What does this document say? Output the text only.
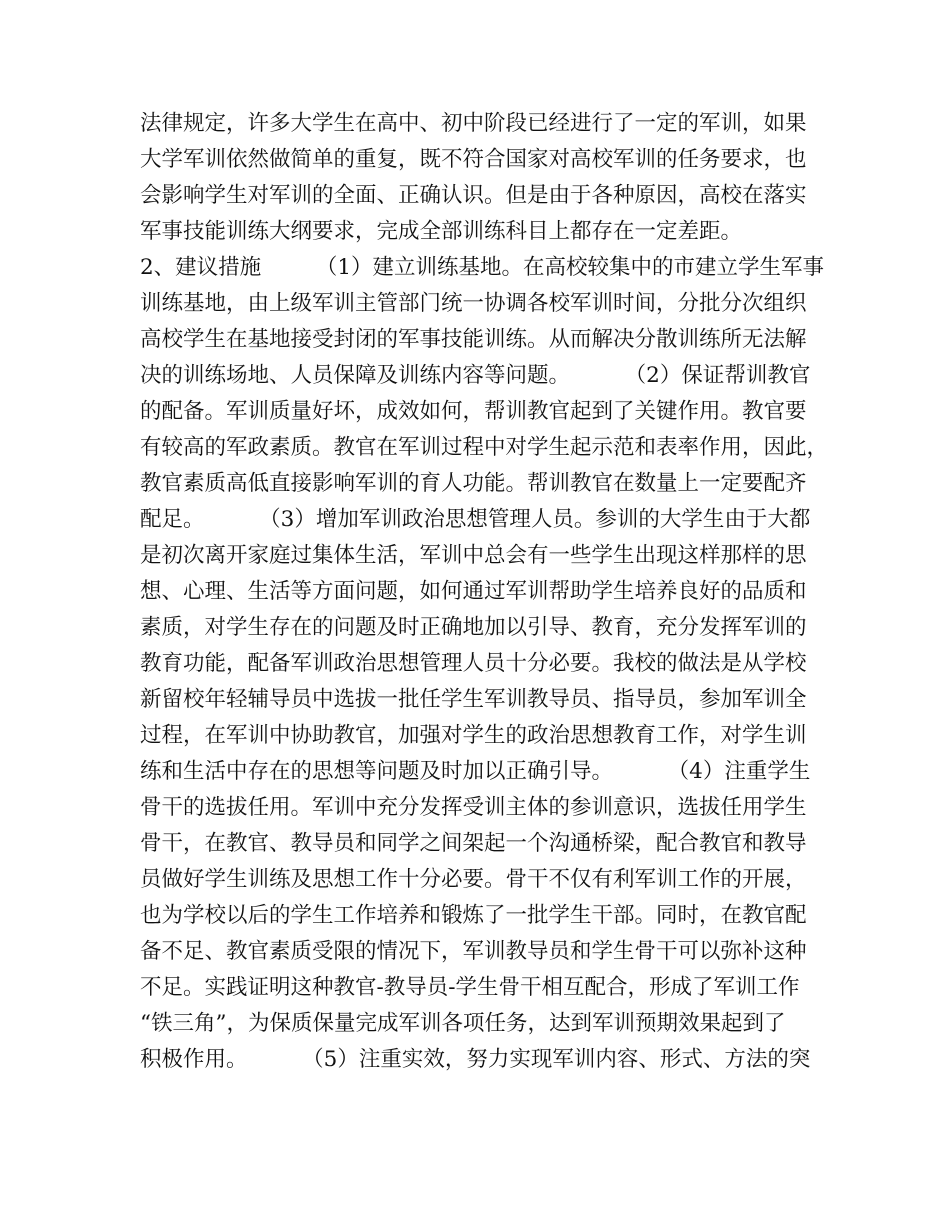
法律规定，许多大学生在高中、初中阶段已经进行了一定的军训，如果
大学军训依然做简单的重复，既不符合国家对高校军训的任务要求，也
会影响学生对军训的全面、正确认识。但是由于各种原因，高校在落实
军事技能训练大纲要求，完成全部训练科目上都存在一定差距。
2、建议措施        （1）建立训练基地。在高校较集中的市建立学生军事
训练基地，由上级军训主管部门统一协调各校军训时间，分批分次组织
高校学生在基地接受封闭的军事技能训练。从而解决分散训练所无法解
决的训练场地、人员保障及训练内容等问题。        （2）保证帮训教官
的配备。军训质量好坏，成效如何，帮训教官起到了关键作用。教官要
有较高的军政素质。教官在军训过程中对学生起示范和表率作用，因此，
教官素质高低直接影响军训的育人功能。帮训教官在数量上一定要配齐
配足。        （3）增加军训政治思想管理人员。参训的大学生由于大都
是初次离开家庭过集体生活，军训中总会有一些学生出现这样那样的思
想、心理、生活等方面问题，如何通过军训帮助学生培养良好的品质和
素质，对学生存在的问题及时正确地加以引导、教育，充分发挥军训的
教育功能，配备军训政治思想管理人员十分必要。我校的做法是从学校
新留校年轻辅导员中选拔一批任学生军训教导员、指导员，参加军训全
过程，在军训中协助教官，加强对学生的政治思想教育工作，对学生训
练和生活中存在的思想等问题及时加以正确引导。        （4）注重学生
骨干的选拔任用。军训中充分发挥受训主体的参训意识，选拔任用学生
骨干，在教官、教导员和同学之间架起一个沟通桥梁，配合教官和教导
员做好学生训练及思想工作十分必要。骨干不仅有利军训工作的开展，
也为学校以后的学生工作培养和锻炼了一批学生干部。同时，在教官配
备不足、教官素质受限的情况下，军训教导员和学生骨干可以弥补这种
不足。实践证明这种教官-教导员-学生骨干相互配合，形成了军训工作
“铁三角”，为保质保量完成军训各项任务，达到军训预期效果起到了
积极作用。        （5）注重实效，努力实现军训内容、形式、方法的突
